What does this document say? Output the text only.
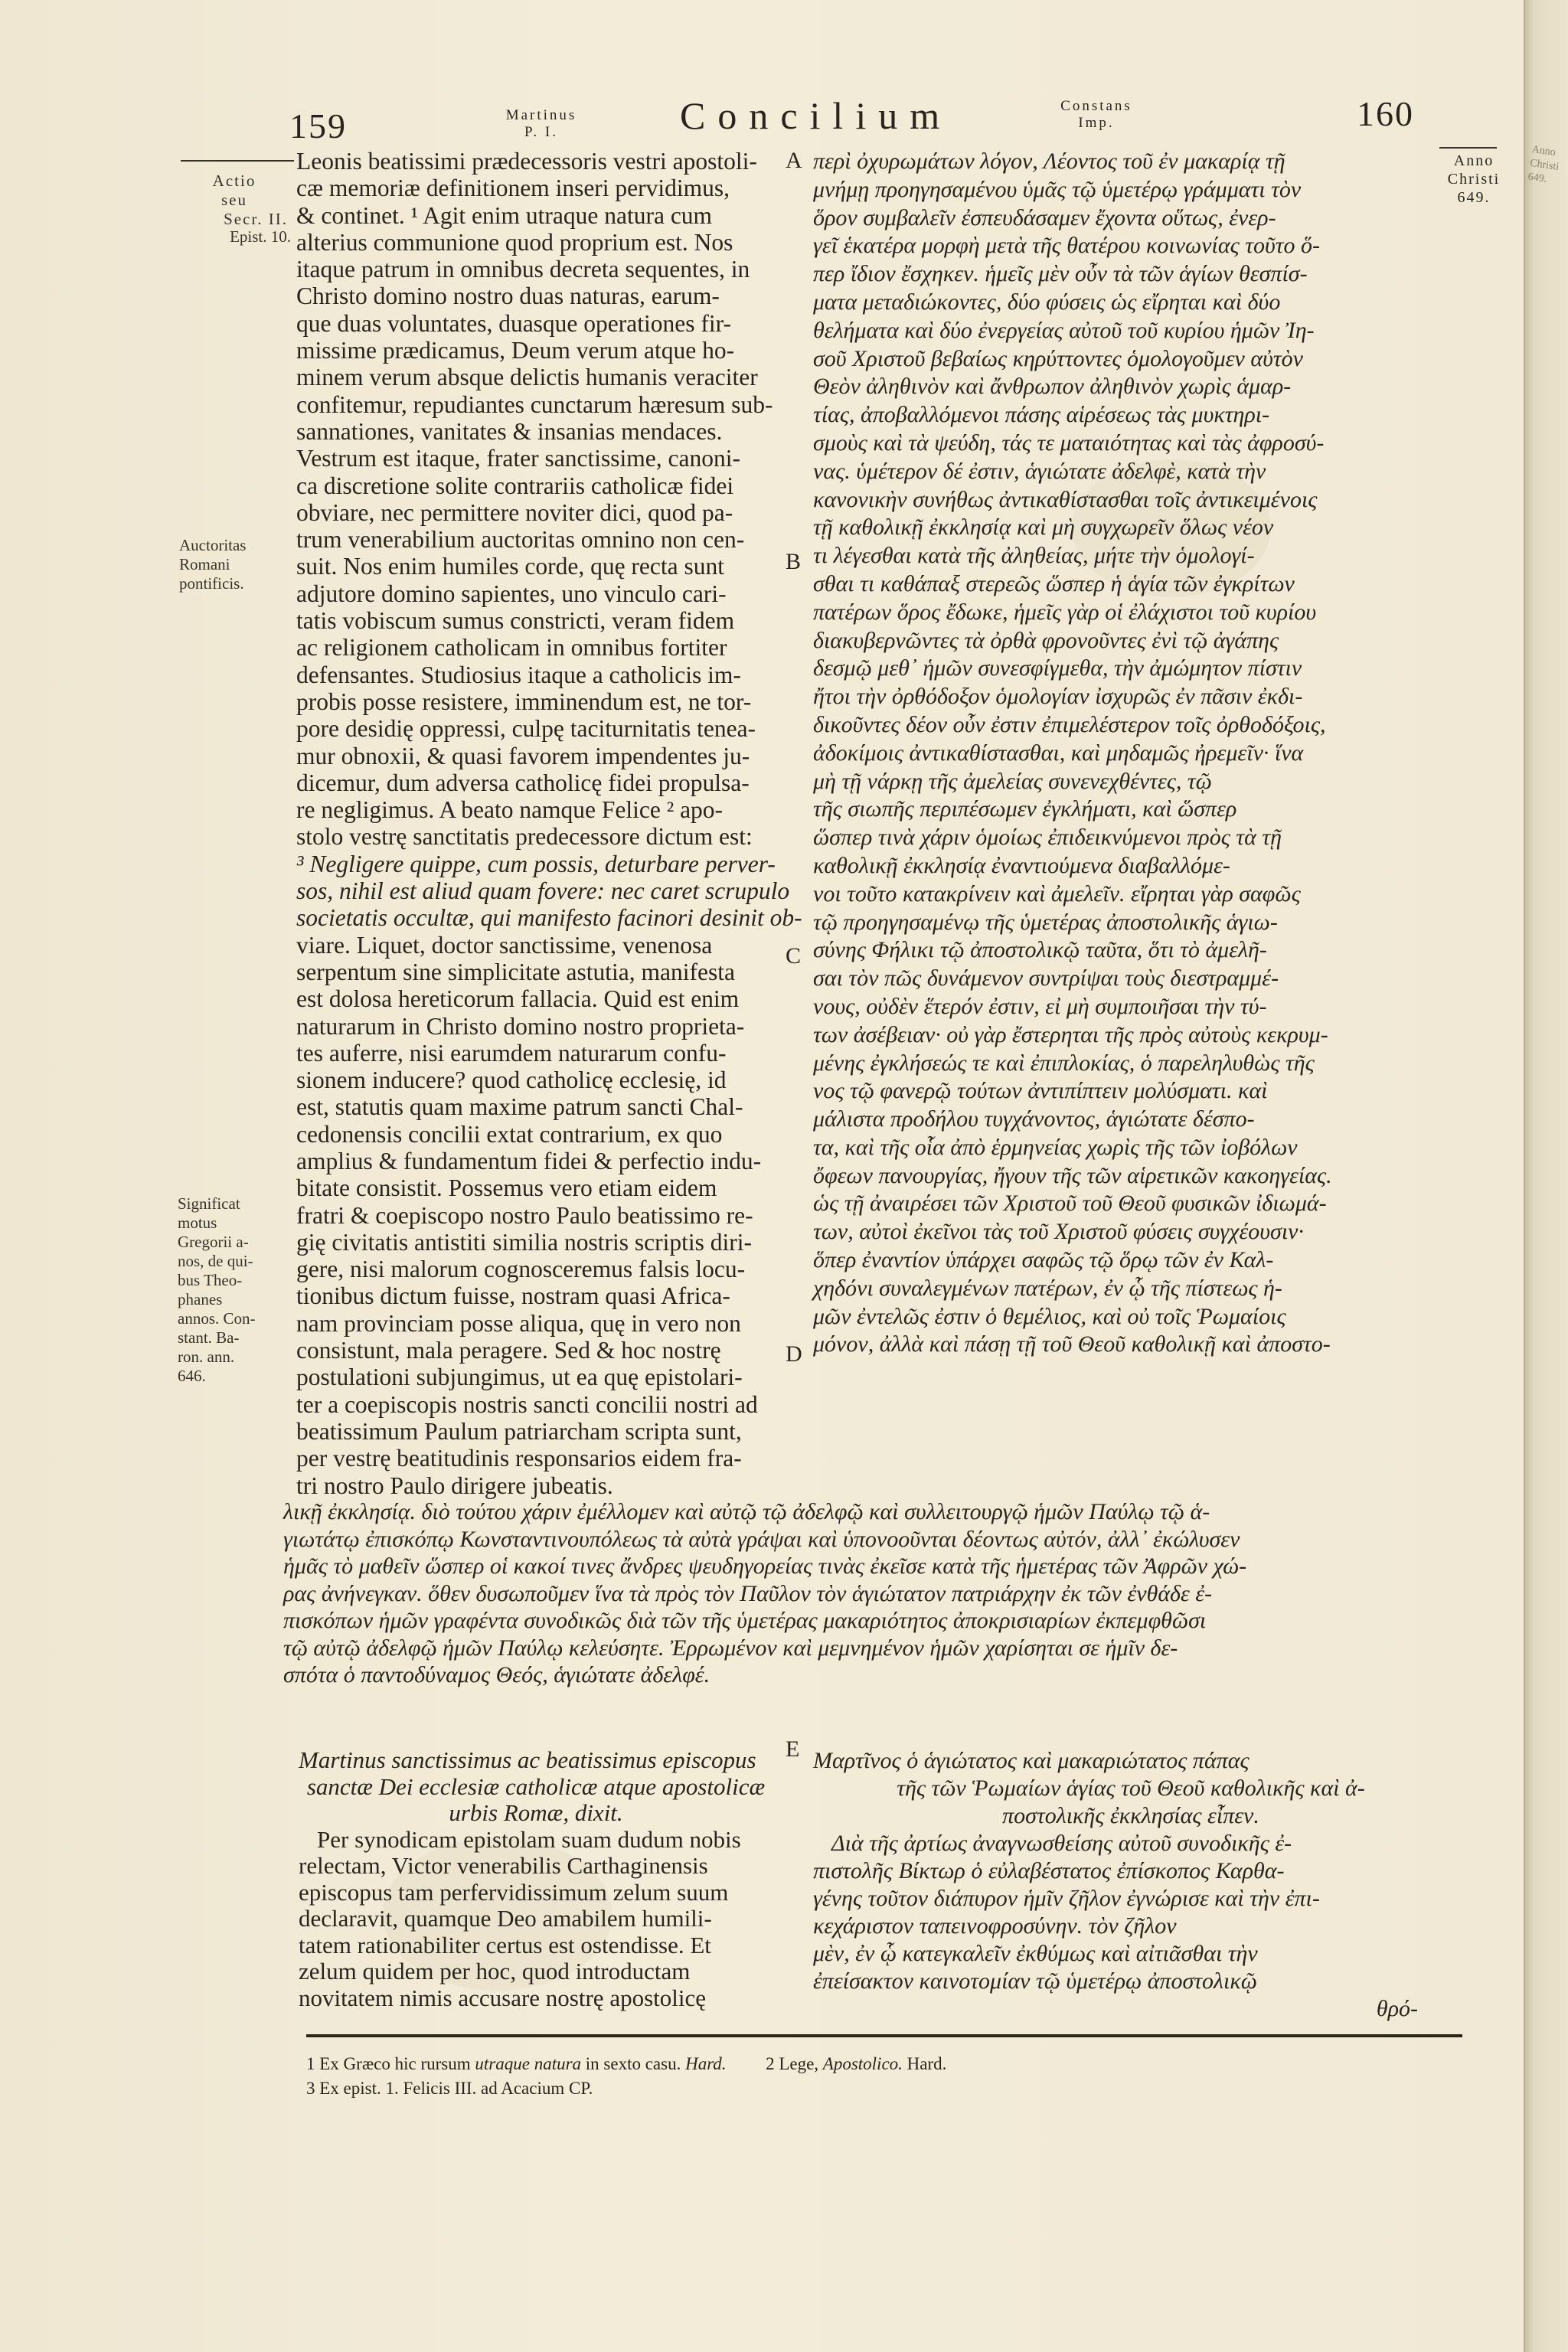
Anno
Christi
649.
159	Martinus
P. I.	Concilium	Constans
Imp.	160
Actio
seu
Secr. II.
Epist. 10.
Auctoritas
Romani
pontificis.
Significat
motus
Gregorii a-
nos, de qui-
bus Theo-
phanes
annos. Con-
stant. Ba-
ron. ann.
646.
Anno
Christi
649.
A
B
C
D
E

Leonis beatissimi prædecessoris vestri apostoli-

cæ memoriæ definitionem inseri pervidimus,

& continet. ¹ Agit enim utraque natura cum

alterius communione quod proprium est. Nos

itaque patrum in omnibus decreta sequentes, in

Christo domino nostro duas naturas, earum-

que duas voluntates, duasque operationes fir-

missime prædicamus, Deum verum atque ho-

minem verum absque delictis humanis veraciter

confitemur, repudiantes cunctarum hæresum sub-

sannationes, vanitates & insanias mendaces.

Vestrum est itaque, frater sanctissime, canoni-

ca discretione solite contrariis catholicæ fidei

obviare, nec permittere noviter dici, quod pa-

trum venerabilium auctoritas omnino non cen-

suit. Nos enim humiles corde, quę recta sunt

adjutore domino sapientes, uno vinculo cari-

tatis vobiscum sumus constricti, veram fidem

ac religionem catholicam in omnibus fortiter

defensantes. Studiosius itaque a catholicis im-

probis posse resistere, imminendum est, ne tor-

pore desidię oppressi, culpę taciturnitatis tenea-

mur obnoxii, & quasi favorem impendentes ju-

dicemur, dum adversa catholicę fidei propulsa-

re negligimus. A beato namque Felice ² apo-

stolo vestrę sanctitatis predecessore dictum est:

³ Negligere quippe, cum possis, deturbare perver-

sos, nihil est aliud quam fovere: nec caret scrupulo

societatis occultæ, qui manifesto facinori desinit ob-

viare. Liquet, doctor sanctissime, venenosa

serpentum sine simplicitate astutia, manifesta

est dolosa hereticorum fallacia. Quid est enim

naturarum in Christo domino nostro proprieta-

tes auferre, nisi earumdem naturarum confu-

sionem inducere? quod catholicę ecclesię, id

est, statutis quam maxime patrum sancti Chal-

cedonensis concilii extat contrarium, ex quo

amplius & fundamentum fidei & perfectio indu-

bitate consistit. Possemus vero etiam eidem

fratri & coepiscopo nostro Paulo beatissimo re-

gię civitatis antistiti similia nostris scriptis diri-

gere, nisi malorum cognosceremus falsis locu-

tionibus dictum fuisse, nostram quasi Africa-

nam provinciam posse aliqua, quę in vero non

consistunt, mala peragere. Sed & hoc nostrę

postulationi subjungimus, ut ea quę epistolari-

ter a coepiscopis nostris sancti concilii nostri ad

beatissimum Paulum patriarcham scripta sunt,

per vestrę beatitudinis responsarios eidem fra-

tri nostro Paulo dirigere jubeatis.

περὶ ὀχυρωμάτων λόγον, Λέοντος τοῦ ἐν μακαρίᾳ τῇ

μνήμῃ προηγησαμένου ὑμᾶς τῷ ὑμετέρῳ γράμματι τὸν

ὅρον συμβαλεῖν ἐσπευδάσαμεν ἔχοντα οὕτως, ἐνερ-

γεῖ ἑκατέρα μορφὴ μετὰ τῆς θατέρου κοινωνίας τοῦτο ὅ-

περ ἴδιον ἔσχηκεν. ἡμεῖς μὲν οὖν τὰ τῶν ἁγίων θεσπίσ-

ματα μεταδιώκοντες, δύο φύσεις ὡς εἴρηται καὶ δύο

θελήματα καὶ δύο ἐνεργείας αὐτοῦ τοῦ κυρίου ἡμῶν Ἰη-

σοῦ Χριστοῦ βεβαίως κηρύττοντες ὁμολογοῦμεν αὐτὸν

Θεὸν ἀληθινὸν καὶ ἄνθρωπον ἀληθινὸν χωρὶς ἁμαρ-

τίας, ἀποβαλλόμενοι πάσης αἱρέσεως τὰς μυκτηρι-

σμοὺς καὶ τὰ ψεύδη, τάς τε ματαιότητας καὶ τὰς ἀφροσύ-

νας. ὑμέτερον δέ ἐστιν, ἁγιώτατε ἀδελφὲ, κατὰ τὴν

κανονικὴν συνήθως ἀντικαθίστασθαι τοῖς ἀντικειμένοις

τῇ καθολικῇ ἐκκλησίᾳ καὶ μὴ συγχωρεῖν ὅλως νέον

τι λέγεσθαι κατὰ τῆς ἀληθείας, μήτε τὴν ὁμολογί-

σθαι τι καθάπαξ στερεῶς ὥσπερ ἡ ἁγία τῶν ἐγκρίτων

πατέρων ὅρος ἔδωκε, ἡμεῖς γὰρ οἱ ἐλάχιστοι τοῦ κυρίου

διακυβερνῶντες τὰ ὀρθὰ φρονοῦντες ἐνὶ τῷ ἀγάπης

δεσμῷ μεθ᾽ ἡμῶν συνεσφίγμεθα, τὴν ἀμώμητον πίστιν

ἤτοι τὴν ὀρθόδοξον ὁμολογίαν ἰσχυρῶς ἐν πᾶσιν ἐκδι-

δικοῦντες δέον οὖν ἐστιν ἐπιμελέστερον τοῖς ὀρθοδόξοις,

ἀδοκίμοις ἀντικαθίστασθαι, καὶ μηδαμῶς ἠρεμεῖν· ἵνα

μὴ τῇ νάρκῃ τῆς ἀμελείας συνενεχθέντες, τῷ

τῆς σιωπῆς περιπέσωμεν ἐγκλήματι, καὶ ὥσπερ

ὥσπερ τινὰ χάριν ὁμοίως ἐπιδεικνύμενοι πρὸς τὰ τῇ

καθολικῇ ἐκκλησίᾳ ἐναντιούμενα διαβαλλόμε-

νοι τοῦτο κατακρίνειν καὶ ἀμελεῖν. εἴρηται γὰρ σαφῶς

τῷ προηγησαμένῳ τῆς ὑμετέρας ἀποστολικῆς ἁγιω-

σύνης Φήλικι τῷ ἀποστολικῷ ταῦτα, ὅτι τὸ ἀμελῆ-

σαι τὸν πῶς δυνάμενον συντρίψαι τοὺς διεστραμμέ-

νους, οὐδὲν ἕτερόν ἐστιν, εἰ μὴ συμποιῆσαι τὴν τύ-

των ἀσέβειαν· οὐ γὰρ ἔστερηται τῆς πρὸς αὐτοὺς κεκρυμ-

μένης ἐγκλήσεώς τε καὶ ἐπιπλοκίας, ὁ παρεληλυθὼς τῆς

νος τῷ φανερῷ τούτων ἀντιπίπτειν μολύσματι. καὶ

μάλιστα προδήλου τυγχάνοντος, ἁγιώτατε δέσπο-

τα, καὶ τῆς οἷα ἀπὸ ἑρμηνείας χωρὶς τῆς τῶν ἰοβόλων

ὄφεων πανουργίας, ἤγουν τῆς τῶν αἱρετικῶν κακοηγείας.

ὡς τῇ ἀναιρέσει τῶν Χριστοῦ τοῦ Θεοῦ φυσικῶν ἰδιωμά-

των, αὐτοὶ ἐκεῖνοι τὰς τοῦ Χριστοῦ φύσεις συγχέουσιν·

ὅπερ ἐναντίον ὑπάρχει σαφῶς τῷ ὅρῳ τῶν ἐν Καλ-

χηδόνι συναλεγμένων πατέρων, ἐν ᾧ τῆς πίστεως ἡ-

μῶν ἐντελῶς ἐστιν ὁ θεμέλιος, καὶ οὐ τοῖς Ῥωμαίοις

μόνον, ἀλλὰ καὶ πάσῃ τῇ τοῦ Θεοῦ καθολικῇ καὶ ἀποστο-

λικῇ ἐκκλησίᾳ. διὸ τούτου χάριν ἐμέλλομεν καὶ αὐτῷ τῷ ἀδελφῷ καὶ συλλειτουργῷ ἡμῶν Παύλῳ τῷ ἁ-

γιωτάτῳ ἐπισκόπῳ Κωνσταντινουπόλεως τὰ αὐτὰ γράψαι καὶ ὑπονοοῦνται δέοντως αὐτόν, ἀλλ᾽ ἐκώλυσεν

ἡμᾶς τὸ μαθεῖν ὥσπερ οἱ κακοί τινες ἄνδρες ψευδηγορείας τινὰς ἐκεῖσε κατὰ τῆς ἡμετέρας τῶν Ἀφρῶν χώ-

ρας ἀνήνεγκαν. ὅθεν δυσωποῦμεν ἵνα τὰ πρὸς τὸν Παῦλον τὸν ἁγιώτατον πατριάρχην ἐκ τῶν ἐνθάδε ἐ-

πισκόπων ἡμῶν γραφέντα συνοδικῶς διὰ τῶν τῆς ὑμετέρας μακαριότητος ἀποκρισιαρίων ἐκπεμφθῶσι

τῷ αὐτῷ ἀδελφῷ ἡμῶν Παύλῳ κελεύσητε. Ἐρρωμένον καὶ μεμνημένον ἡμῶν χαρίσηται σε ἡμῖν δε-

σπότα ὁ παντοδύναμος Θεός, ἁγιώτατε ἀδελφέ.

Martinus sanctissimus ac beatissimus episcopus

sanctæ Dei ecclesiæ catholicæ atque apostolicæ

urbis Romæ, dixit.

Per synodicam epistolam suam dudum nobis

relectam, Victor venerabilis Carthaginensis

episcopus tam perfervidissimum zelum suum

declaravit, quamque Deo amabilem humili-

tatem rationabiliter certus est ostendisse. Et

zelum quidem per hoc, quod introductam

novitatem nimis accusare nostrę apostolicę

Μαρτῖνος ὁ ἁγιώτατος καὶ μακαριώτατος πάπας

τῆς τῶν Ῥωμαίων ἁγίας τοῦ Θεοῦ καθολικῆς καὶ ἀ-

ποστολικῆς ἐκκλησίας εἶπεν.

Διὰ τῆς ἀρτίως ἀναγνωσθείσης αὐτοῦ συνοδικῆς ἐ-

πιστολῆς Βίκτωρ ὁ εὐλαβέστατος ἐπίσκοπος Καρθα-

γένης τοῦτον διάπυρον ἡμῖν ζῆλον ἐγνώρισε καὶ τὴν ἐπι-

κεχάριστον ταπεινοφροσύνην. τὸν ζῆλον

μὲν, ἐν ᾧ κατεγκαλεῖν ἐκθύμως καὶ αἰτιᾶσθαι τὴν

ἐπείσακτον καινοτομίαν τῷ ὑμετέρῳ ἀποστολικῷ

θρό-

1 Ex Græco hic rursum utraque natura in sexto casu. Hard. 2 Lege, Apostolico. Hard.

3 Ex epist. 1. Felicis III. ad Acacium CP.
